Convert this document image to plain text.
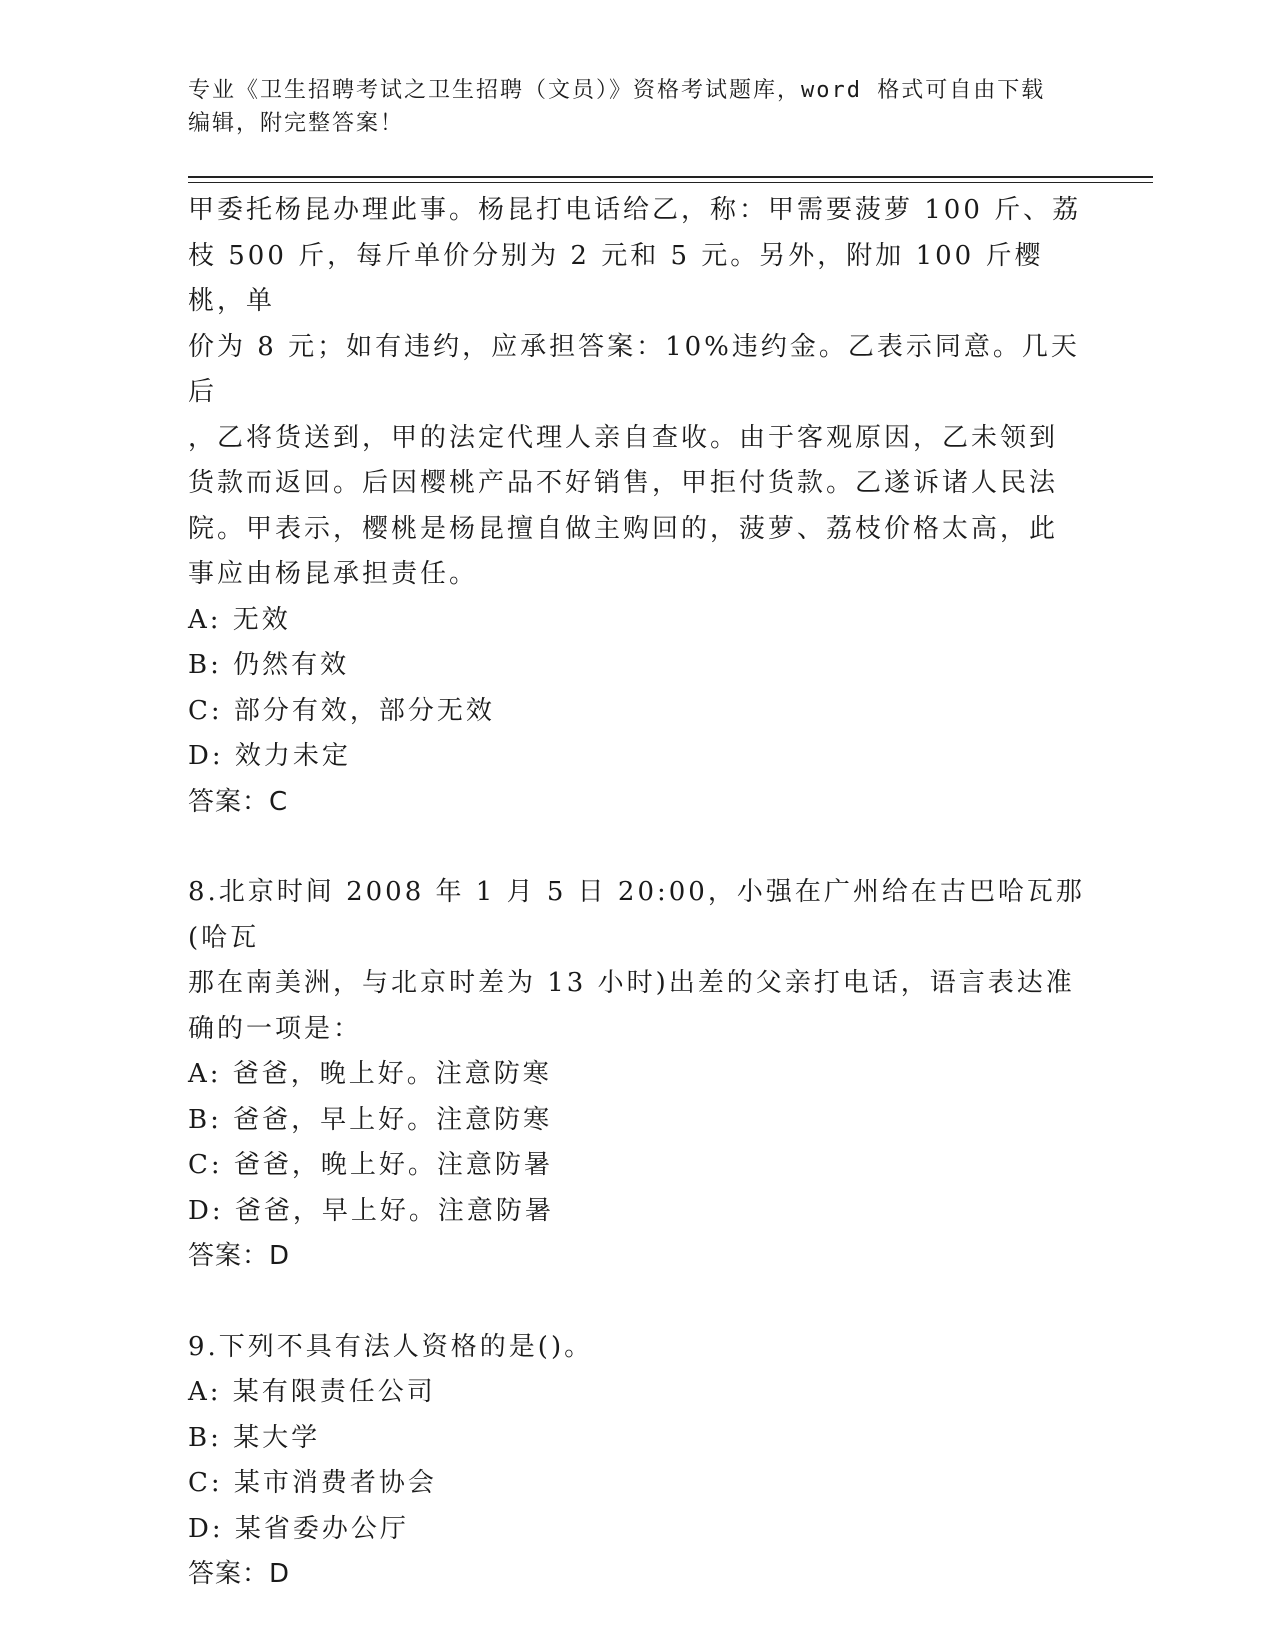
专业《卫生招聘考试之卫生招聘（文员）》资格考试题库，word 格式可自由下载
编辑，附完整答案！

甲委托杨昆办理此事。杨昆打电话给乙，称：甲需要菠萝 100 斤、荔

枝 500 斤，每斤单价分别为 2 元和 5 元。另外，附加 100 斤樱桃，单

价为 8 元；如有违约，应承担答案：10%违约金。乙表示同意。几天后

，乙将货送到，甲的法定代理人亲自查收。由于客观原因，乙未领到

货款而返回。后因樱桃产品不好销售，甲拒付货款。乙遂诉诸人民法

院。甲表示，樱桃是杨昆擅自做主购回的，菠萝、荔枝价格太高，此

事应由杨昆承担责任。

A: 无效

B: 仍然有效

C: 部分有效，部分无效

D: 效力未定

答案：C

8.北京时间 2008 年 1 月 5 日 20:00，小强在广州给在古巴哈瓦那(哈瓦

那在南美洲，与北京时差为 13 小时)出差的父亲打电话，语言表达准

确的一项是：

A: 爸爸，晚上好。注意防寒

B: 爸爸，早上好。注意防寒

C: 爸爸，晚上好。注意防暑

D: 爸爸，早上好。注意防暑

答案：D

9.下列不具有法人资格的是()。

A: 某有限责任公司

B: 某大学

C: 某市消费者协会

D: 某省委办公厅

答案：D
